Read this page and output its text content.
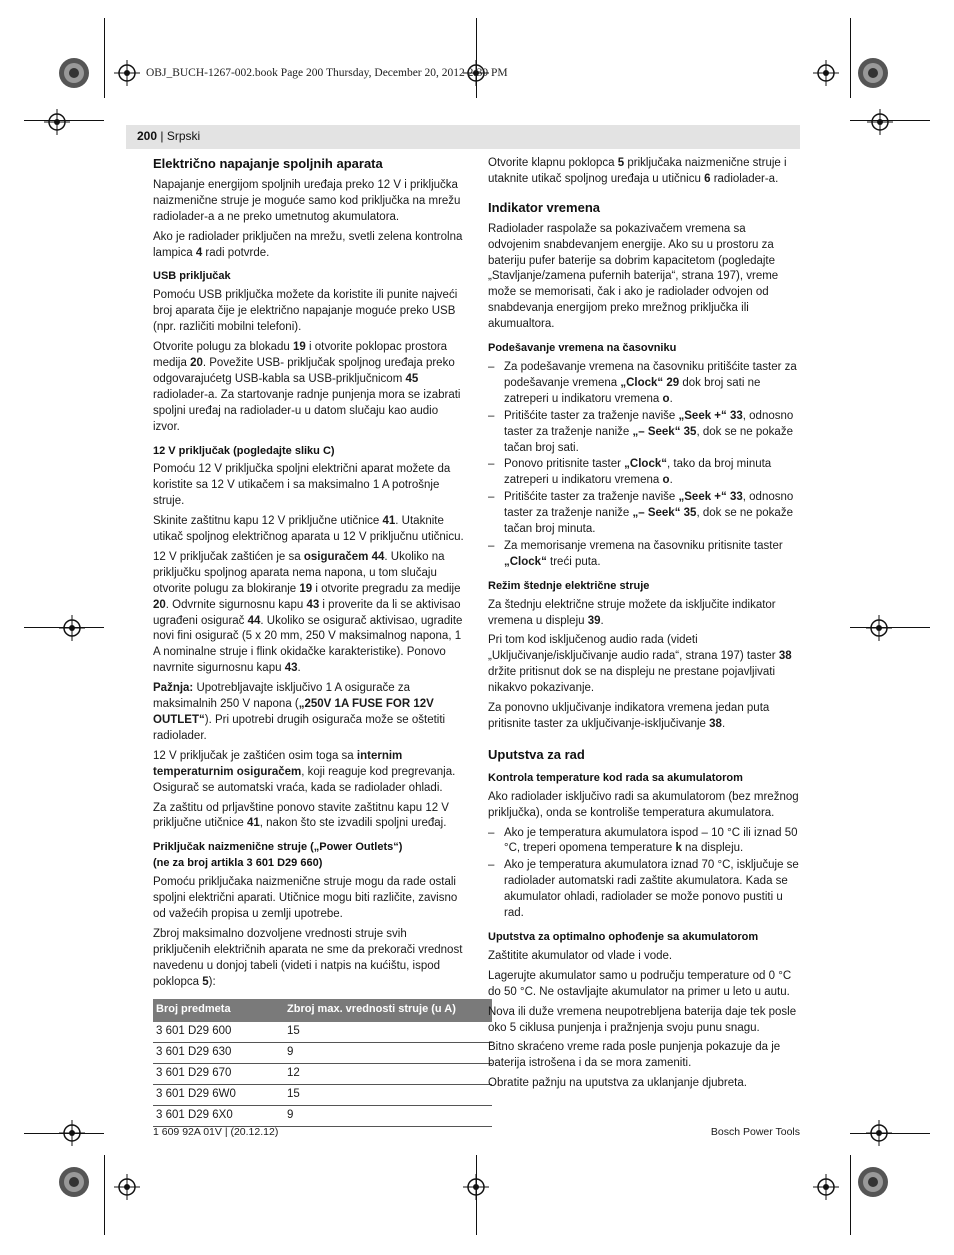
OBJ_BUCH-1267-002.book Page 200 Thursday, December 20, 2012 2:39 PM
200 | Srpski
Električno napajanje spoljnih aparata

Napajanje energijom spoljnih uređaja preko 12 V i priključka naizmenične struje je moguće samo kod priključka na mrežu radiolader-a a ne preko umetnutog akumulatora.

Ako je radiolader priključen na mrežu, svetli zelena kontrolna lampica 4 radi potvrde.

USB priključak

Pomoću USB priključka možete da koristite ili punite najveći broj aparata čije je električno napajanje moguće preko USB (npr. različiti mobilni telefoni).

Otvorite polugu za blokadu 19 i otvorite poklopac prostora medija 20. Povežite USB- priključak spoljnog uređaja preko odgovarajućetg USB-kabla sa USB-priključnicom 45 radiolader-a. Za startovanje radnje punjenja mora se izabrati spoljni uređaj na radiolader-u u datom slučaju kao audio izvor.

12 V priključak (pogledajte sliku C)

Pomoću 12 V priključka spoljni električni aparat možete da koristite sa 12 V utikačem i sa maksimalno 1 A potrošnje struje.

Skinite zaštitnu kapu 12 V priključne utičnice 41. Utaknite utikač spoljnog električnog aparata u 12 V priključnu utičnicu.

12 V priključak zaštićen je sa osiguračem 44. Ukoliko na priključku spoljnog aparata nema napona, u tom slučaju otvorite polugu za blokiranje 19 i otvorite pregradu za medije 20. Odvrnite sigurnosnu kapu 43 i proverite da li se aktivisao ugrađeni osigurač 44. Ukoliko se osigurač aktivisao, ugradite novi fini osigurač (5 x 20 mm, 250 V maksimalnog napona, 1 A nominalne struje i flink okidačke karakteristike). Ponovo navrnite sigurnosnu kapu 43.

Pažnja: Upotrebljavajte isključivo 1 A osigurače za maksimalnih 250 V napona („250V 1A FUSE FOR 12V OUTLET“). Pri upotrebi drugih osigurača može se oštetiti radiolader.

12 V priključak je zaštićen osim toga sa internim temperaturnim osiguračem, koji reaguje kod pregrevanja. Osigurač se automatski vraća, kada se radiolader ohladi.

Za zaštitu od prljavštine ponovo stavite zaštitnu kapu 12 V priključne utičnice 41, nakon što ste izvadili spoljni uređaj.

Priključak naizmenične struje („Power Outlets“)
(ne za broj artikla 3 601 D29 660)

Pomoću priključaka naizmenične struje mogu da rade ostali spoljni električni aparati. Utičnice mogu biti različite, zavisno od važećih propisa u zemlji upotrebe.

Zbroj maksimalno dozvoljene vrednosti struje svih priključenih električnih aparata ne sme da prekorači vrednost navedenu u donjoj tabeli (videti i natpis na kućištu, ispod poklopca 5):

Broj predmeta	Zbroj max. vrednosti struje (u A)
3 601 D29 600	15
3 601 D29 630	9
3 601 D29 670	12
3 601 D29 6W0	15
3 601 D29 6X0	9

Otvorite klapnu poklopca 5 priključaka naizmenične struje i utaknite utikač spoljnog uređaja u utičnicu 6 radiolader-a.

Indikator vremena

Radiolader raspolaže sa pokazivačem vremena sa odvojenim snabdevanjem energije. Ako su u prostoru za bateriju pufer baterije sa dobrim kapacitetom (pogledajte „Stavljanje/zamena pufernih baterija“, strana 197), vreme može se memorisati, čak i ako je radiolader odvojen od snabdevanja energijom preko mrežnog priključka ili akumualtora.

Podešavanje vremena na časovniku
– Za podešavanje vremena na časovniku pritišćite taster za podešavanje vremena „Clock“ 29 dok broj sati ne zatreperi u indikatoru vremena o.
– Pritišćite taster za traženje naviše „Seek +“ 33, odnosno taster za traženje naniže „– Seek“ 35, dok se ne pokaže tačan broj sati.
– Ponovo pritisnite taster „Clock“, tako da broj minuta zatreperi u indikatoru vremena o.
– Pritišćite taster za traženje naviše „Seek +“ 33, odnosno taster za traženje naniže „– Seek“ 35, dok se ne pokaže tačan broj minuta.
– Za memorisanje vremena na časovniku pritisnite taster „Clock“ treći puta.
Režim štednje električne struje

Za štednju električne struje možete da isključite indikator vremena u displeju 39.

Pri tom kod isključenog audio rada (videti „Uključivanje/isključivanje audio rada“, strana 197) taster 38 držite pritisnut dok se na displeju ne prestane pojavljivati nikakvo pokazivanje.

Za ponovno uključivanje indikatora vremena jedan puta pritisnite taster za uključivanje-isključivanje 38.

Uputstva za rad
Kontrola temperature kod rada sa akumulatorom

Ako radiolader isključivo radi sa akumulatorom (bez mrežnog priključka), onda se kontroliše temperatura akumulatora.

– Ako je temperatura akumulatora ispod – 10 °C ili iznad 50 °C, treperi opomena temperature k na displeju.
– Ako je temperatura akumulatora iznad 70 °C, isključuje se radiolader automatski radi zaštite akumulatora. Kada se akumulator ohladi, radiolader se može ponovo pustiti u rad.
Uputstva za optimalno ophođenje sa akumulatorom

Zaštitite akumulator od vlade i vode.

Lagerujte akumulator samo u području temperature od 0 °C do 50 °C. Ne ostavljajte akumulator na primer u leto u autu.

Nova ili duže vremena neupotrebljena baterija daje tek posle oko 5 ciklusa punjenja i pražnjenja svoju punu snagu.

Bitno skraćeno vreme rada posle punjenja pokazuje da je baterija istrošena i da se mora zameniti.

Obratite pažnju na uputstva za uklanjanje djubreta.

1 609 92A 01V | (20.12.12)	Bosch Power Tools
